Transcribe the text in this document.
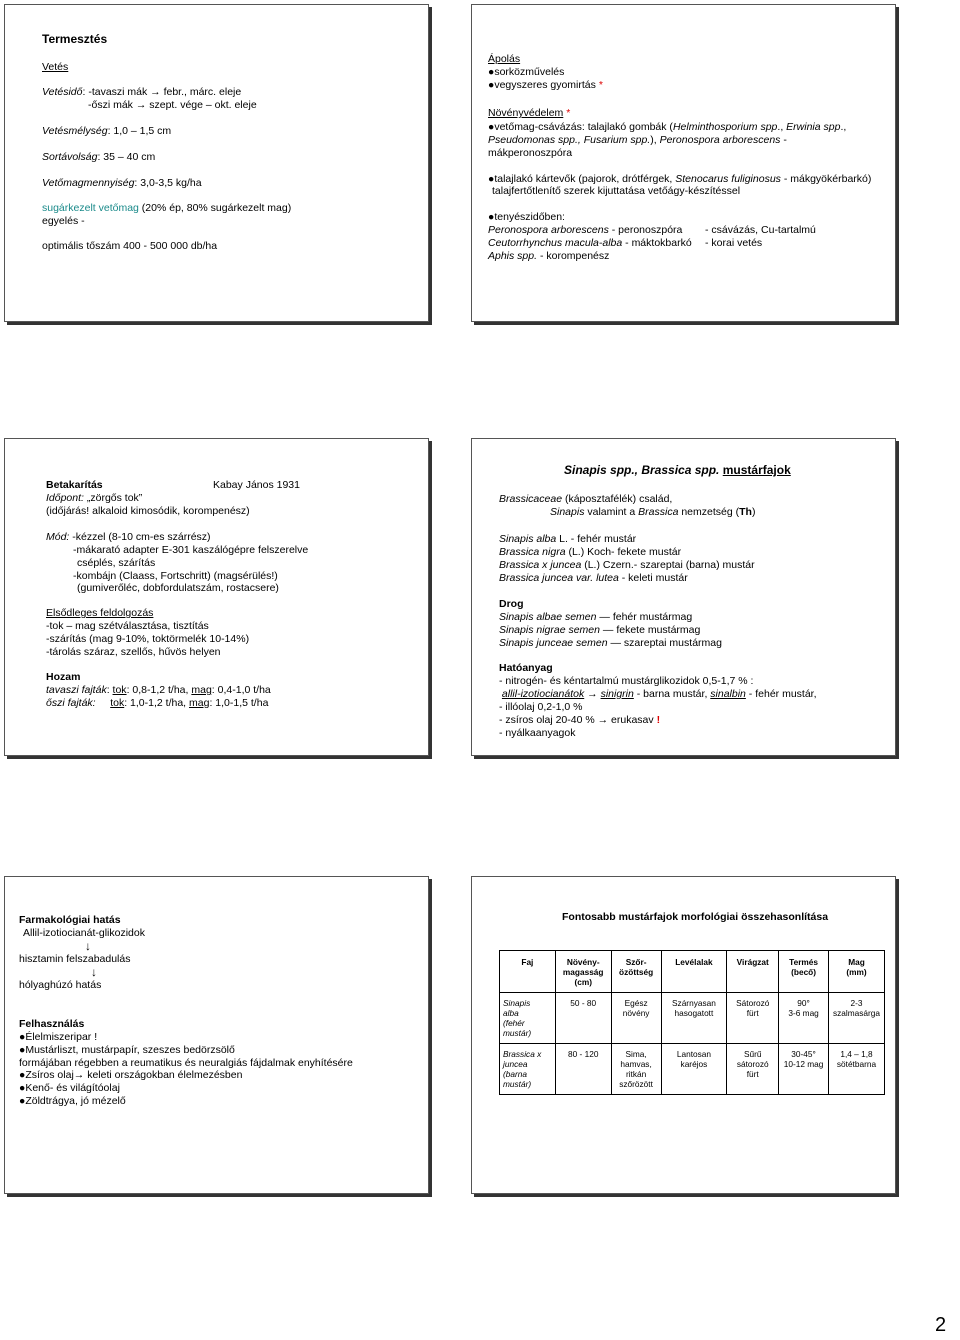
Termesztés
Vetés
Vetésidő: -tavaszi mák → febr., márc. eleje
-őszi mák → szept. vége – okt. eleje
Vetésmélység: 1,0 – 1,5 cm
Sortávolság: 35 – 40 cm
Vetőmagmennyiség: 3,0-3,5 kg/ha
sugárkezelt vetőmag (20% ép, 80% sugárkezelt mag)
egyelés -
optimális tőszám 400 - 500 000 db/ha
Ápolás
●sorközművelés
●vegyszeres gyomirtás *
Növényvédelem *
●vetőmag-csávázás: talajlakó gombák (Helminthosporium spp., Erwinia spp.,
Pseudomonas spp., Fusarium spp.), Peronospora arborescens -
mákperonoszpóra
●talajlakó kártevők (pajorok, drótférgek, Stenocarus fuliginosus - mákgyökérbarkó)
talajfertőtlenítő szerek kijuttatása vetőágy-készítéssel
●tenyészidőben:
Peronospora arborescens - peronoszpóra - csávázás, Cu-tartalmú
Ceutorrhynchus macula-alba - máktokbarkó - korai vetés
Aphis spp. - korompenész
Betakarítás	Kabay János 1931
Időpont: „zörgős tok”
(időjárás! alkaloid kimosódik, korompenész)
Mód: -kézzel (8-10 cm-es szárrész)
-mákarató adapter E-301 kaszálógépre felszerelve
cséplés, szárítás
-kombájn (Claass, Fortschritt) (magsérülés!)
(gumiverőléc, dobfordulatszám, rostacsere)
Elsődleges feldolgozás
-tok – mag szétválasztása, tisztítás
-szárítás (mag 9-10%, toktörmelék 10-14%)
-tárolás száraz, szellős, hűvös helyen
Hozam
tavaszi fajták: tok: 0,8-1,2 t/ha, mag: 0,4-1,0 t/ha
őszi fajták: tok: 1,0-1,2 t/ha, mag: 1,0-1,5 t/ha
Sinapis spp., Brassica spp. mustárfajok
Brassicaceae (káposztafélék) család,
Sinapis valamint a Brassica nemzetség (Th)
Sinapis alba L. - fehér mustár
Brassica nigra (L.) Koch- fekete mustár
Brassica x juncea (L.) Czern.- szareptai (barna) mustár
Brassica juncea var. lutea - keleti mustár
Drog
Sinapis albae semen — fehér mustármag
Sinapis nigrae semen — fekete mustármag
Sinapis junceae semen — szareptai mustármag
Hatóanyag
- nitrogén- és kéntartalmú mustárglikozidok 0,5-1,7 % :
allil-izotiocianátok → sinigrin - barna mustár, sinalbin - fehér mustár,
- illóolaj 0,2-1,0 %
- zsíros olaj 20-40 % → erukasav !
- nyálkaanyagok
Farmakológiai hatás
Allil-izotiocianát-glikozidok
↓
hisztamin felszabadulás
↓
hólyaghúzó hatás
Felhasználás
●Élelmiszeripar !
●Mustárliszt, mustárpapír, szeszes bedörzsölő
formájában régebben a reumatikus és neuralgiás fájdalmak enyhítésére
●Zsíros olaj→ keleti országokban élelmezésben
●Kenő- és világítóolaj
●Zöldtrágya, jó mézelő
Fontosabb mustárfajok morfológiai összehasonlítása
Faj	Növény-
magasság
(cm)	Szőr-
özöttség	Levélalak	Virágzat	Termés
(becő)	Mag
(mm)
Sinapis
alba
(fehér
mustár)	50 - 80	Egész
növény	Szárnyasan
hasogatott	Sátorozó
fürt	90°
3-6 mag	2-3
szalmasárga
Brassica x
juncea
(barna
mustár)	80 - 120	Sima,
hamvas,
ritkán
szőrözött	Lantosan
karéjos	Sűrű
sátorozó
fürt	30-45°
10-12 mag	1,4 – 1,8
sötétbarna
2
